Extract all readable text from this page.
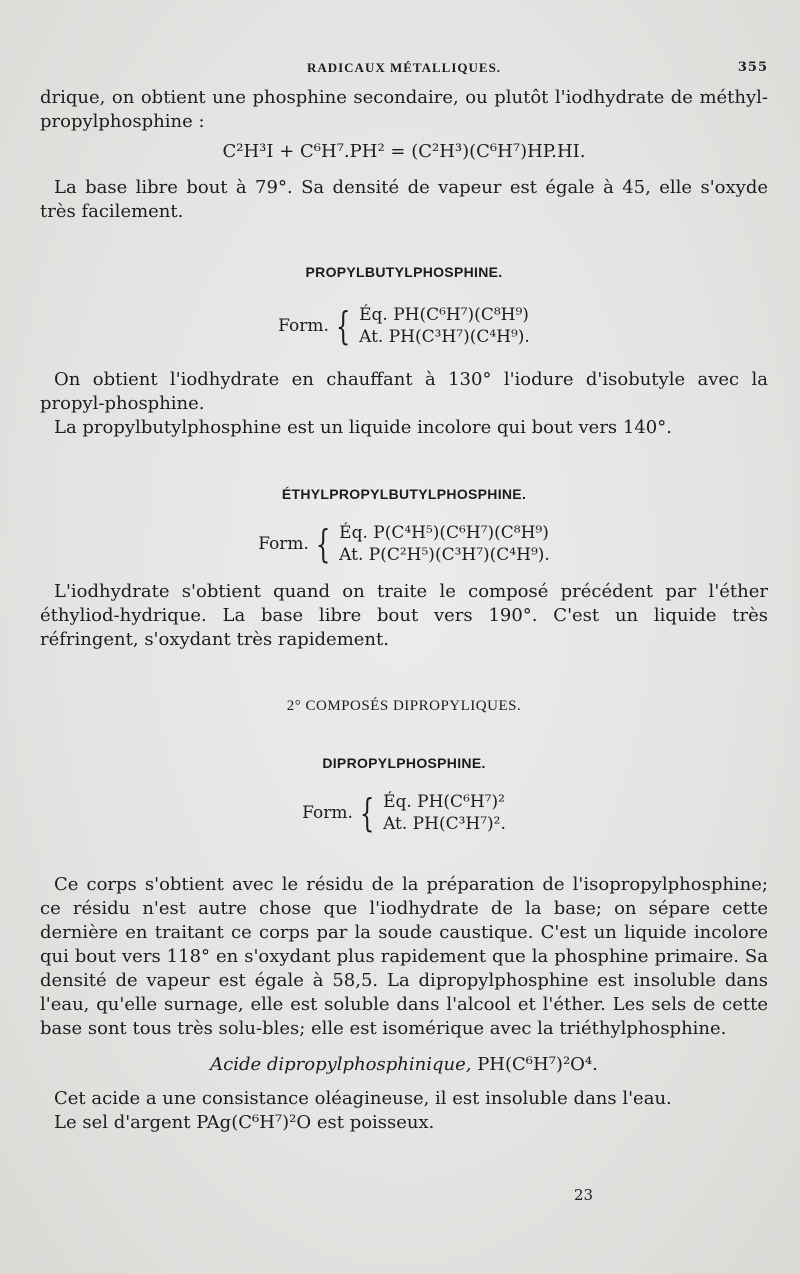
RADICAUX MÉTALLIQUES.	355

drique, on obtient une phosphine secondaire, ou plutôt l'iodhydrate de méthyl-propylphosphine :

C²H³I + C⁶H⁷.PH² = (C²H³)(C⁶H⁷)HP.HI.

La base libre bout à 79°. Sa densité de vapeur est égale à 45, elle s'oxyde très facilement.

PROPYLBUTYLPHOSPHINE.
Form. { Éq. PH(C⁶H⁷)(C⁸H⁹)
At. PH(C³H⁷)(C⁴H⁹).

On obtient l'iodhydrate en chauffant à 130° l'iodure d'isobutyle avec la propyl-phosphine.

La propylbutylphosphine est un liquide incolore qui bout vers 140°.

ÉTHYLPROPYLBUTYLPHOSPHINE.
Form. { Éq. P(C⁴H⁵)(C⁶H⁷)(C⁸H⁹)
At. P(C²H⁵)(C³H⁷)(C⁴H⁹).

L'iodhydrate s'obtient quand on traite le composé précédent par l'éther éthyliod-hydrique. La base libre bout vers 190°. C'est un liquide très réfringent, s'oxydant très rapidement.

2° COMPOSÉS DIPROPYLIQUES.
DIPROPYLPHOSPHINE.
Form. { Éq. PH(C⁶H⁷)²
At. PH(C³H⁷)².

Ce corps s'obtient avec le résidu de la préparation de l'isopropylphosphine; ce résidu n'est autre chose que l'iodhydrate de la base; on sépare cette dernière en traitant ce corps par la soude caustique. C'est un liquide incolore qui bout vers 118° en s'oxydant plus rapidement que la phosphine primaire. Sa densité de vapeur est égale à 58,5. La dipropylphosphine est insoluble dans l'eau, qu'elle surnage, elle est soluble dans l'alcool et l'éther. Les sels de cette base sont tous très solu-bles; elle est isomérique avec la triéthylphosphine.

Acide dipropylphosphinique, PH(C⁶H⁷)²O⁴.

Cet acide a une consistance oléagineuse, il est insoluble dans l'eau.

Le sel d'argent PAg(C⁶H⁷)²O est poisseux.

23
